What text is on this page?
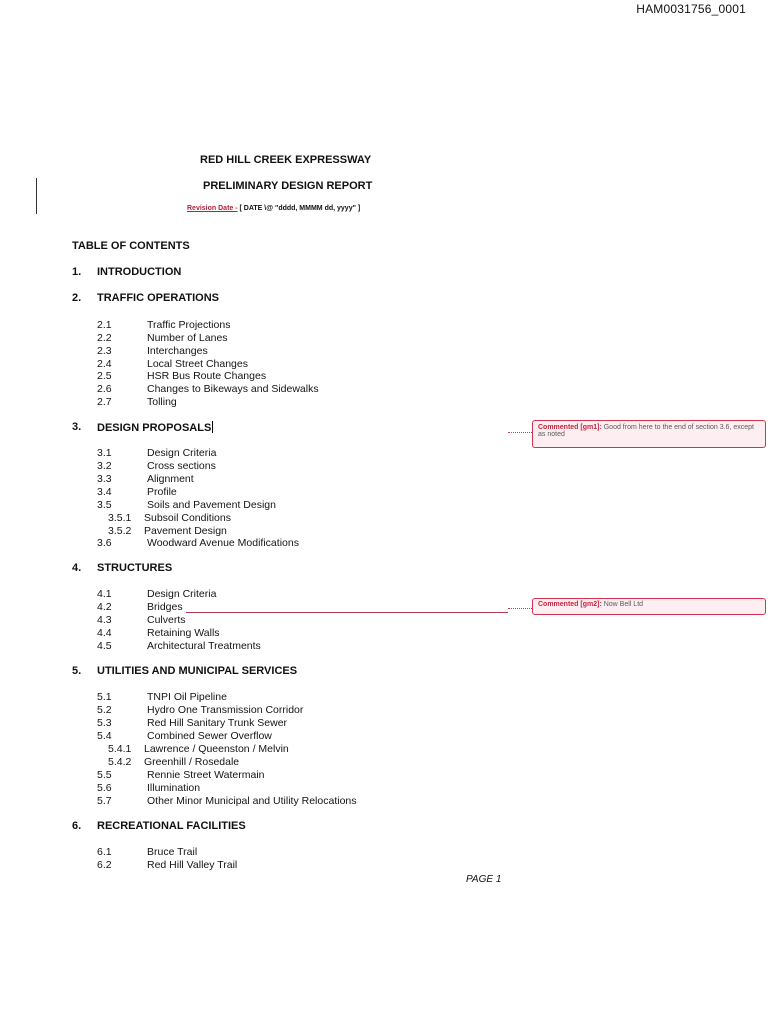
HAM0031756_0001
RED HILL CREEK EXPRESSWAY
PRELIMINARY DESIGN REPORT
Revision Date - [ DATE \@ "dddd, MMMM dd, yyyy" ]
TABLE OF CONTENTS
1. INTRODUCTION
2. TRAFFIC OPERATIONS
2.1	Traffic Projections
2.2	Number of Lanes
2.3	Interchanges
2.4	Local Street Changes
2.5	HSR Bus Route Changes
2.6	Changes to Bikeways and Sidewalks
2.7	Tolling
3. DESIGN PROPOSALS
3.1	Design Criteria
3.2	Cross sections
3.3	Alignment
3.4	Profile
3.5	Soils and Pavement Design
3.5.1 Subsoil Conditions
3.5.2 Pavement Design
3.6	Woodward Avenue Modifications
4. STRUCTURES
4.1	Design Criteria
4.2	Bridges
4.3	Culverts
4.4	Retaining Walls
4.5	Architectural Treatments
5. UTILITIES AND MUNICIPAL SERVICES
5.1	TNPI Oil Pipeline
5.2	Hydro One Transmission Corridor
5.3	Red Hill Sanitary Trunk Sewer
5.4	Combined Sewer Overflow
5.4.1 Lawrence / Queenston / Melvin
5.4.2 Greenhill / Rosedale
5.5	Rennie Street Watermain
5.6	Illumination
5.7	Other Minor Municipal and Utility Relocations
6. RECREATIONAL FACILITIES
6.1	Bruce Trail
6.2	Red Hill Valley Trail
Commented [gm1]: Good from here to the end of section 3.6, except as noted
Commented [gm2]: Now Bell Ltd
PAGE 1
